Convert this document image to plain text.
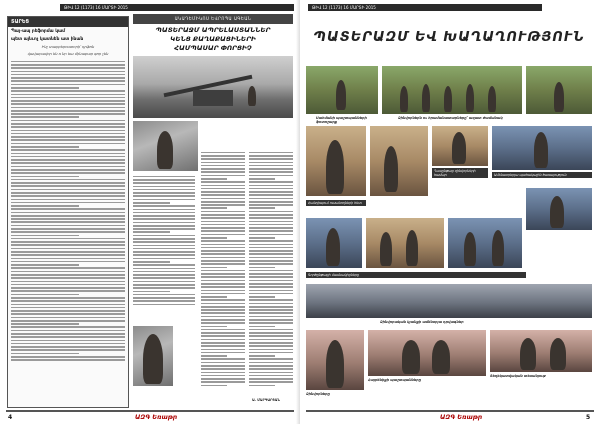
ԹԻՎ 12 (1173) 16 ՄԱՐՏԻ 2015
ՏԱՐԵՑ
Պայ-ապ րեֆորմա կամ
պետ այնւոչ կատնեն ատ ինան
Ինչ տարբերոստորի՝ դրֆոն
վավարավոր են ռ նր եա մինաբար գոր չեն
ԱԿԱԴԵՄԻԿՈՍ ԵՎՐՈՊԱ ԱԳԵԱՆ
ՊԱՏԵՐԱՋՄ ԱՊՐԵԼԱՍՏԱՆՆԵՐ
ԿԵՆՑ ՔԱՂԱՔԱՑԻՆԵՐԻ
ՀԱՄՊԱՍԱՐ ՓՈՐՑԻՉ
Ա. ՄԱՐԳԱՐՅԱՆ
4	ԱԶԳ Եռաթր
ԹԻՎ 12 (1173) 16 ՄԱՐՏԻ 2015
ՊԱՏԵՐԱԶՄ ԵՎ ԽԱՂԱՂՈՒԹՅՈՒՆ
Սահմանի պաշտպանների ֆոտոշարք
Զինվորներն ու հրամանատարները՝ ազատ ժամանակ
Դասընթաց զինվորների համար	Ամենաօրերյա պահակային ծառայություն
Հանդիպում ուսանողների հետ
Գործընթացի մասնակիցները
Զինվորական կյանքի ամենօրյա դրվագներ
Զինվորները
Հայրենիքի պաշտպանները
Տեղեկատվական տեսանյութ
ԱԶԳ Եռաթր	5
